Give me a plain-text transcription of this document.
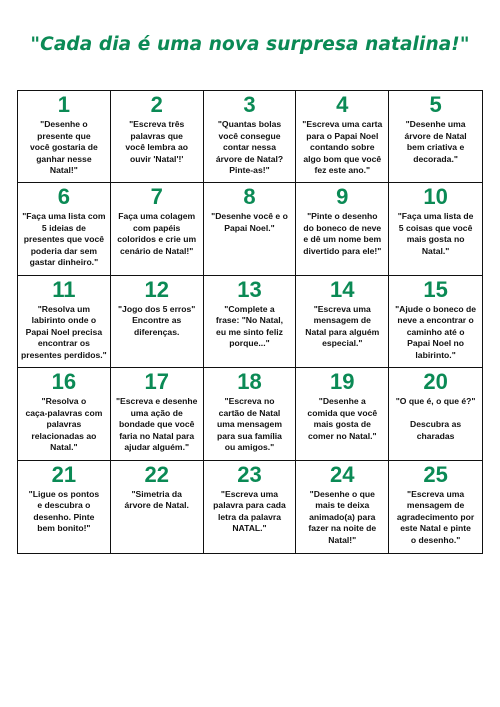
"Cada dia é uma nova surpresa natalina!"
1
"Desenhe o
presente que
você gostaria de
ganhar nesse
Natal!"
2
"Escreva três
palavras que
você lembra ao
ouvir 'Natal'!'
3
"Quantas bolas
você consegue
contar nessa
árvore de Natal?
Pinte-as!"
4
"Escreva uma carta
para o Papai Noel
contando sobre
algo bom que você
fez este ano."
5
"Desenhe uma
árvore de Natal
bem criativa e
decorada."
6
"Faça uma lista com
5 ideias de
presentes que você
poderia dar sem
gastar dinheiro."
7
Faça uma colagem
com papéis
coloridos e crie um
cenário de Natal!"
8
"Desenhe você e o
Papai Noel."
9
"Pinte o desenho
do boneco de neve
e dê um nome bem
divertido para ele!"
10
"Faça uma lista de
5 coisas que você
mais gosta no
Natal."
11
"Resolva um
labirinto onde o
Papai Noel precisa
encontrar os
presentes perdidos."
12
"Jogo dos 5 erros"
Encontre as
diferenças.
13
"Complete a
frase: "No Natal,
eu me sinto feliz
porque..."
14
"Escreva uma
mensagem de
Natal para alguém
especial."
15
"Ajude o boneco de
neve a encontrar o
caminho até o
Papai Noel no
labirinto."
16
"Resolva o
caça-palavras com
palavras
relacionadas ao
Natal."
17
"Escreva e desenhe
uma ação de
bondade que você
faria no Natal para
ajudar alguém."
18
"Escreva no
cartão de Natal
uma mensagem
para sua família
ou amigos."
19
"Desenhe a
comida que você
mais gosta de
comer no Natal."
20
"O que é, o que é?"

Descubra as
charadas
21
"Ligue os pontos
e descubra o
desenho. Pinte
bem bonito!"
22
"Simetria da
árvore de Natal.
23
"Escreva uma
palavra para cada
letra da palavra
NATAL."
24
"Desenhe o que
mais te deixa
animado(a) para
fazer na noite de
Natal!"
25
"Escreva uma
mensagem de
agradecimento por
este Natal e pinte
o desenho."
